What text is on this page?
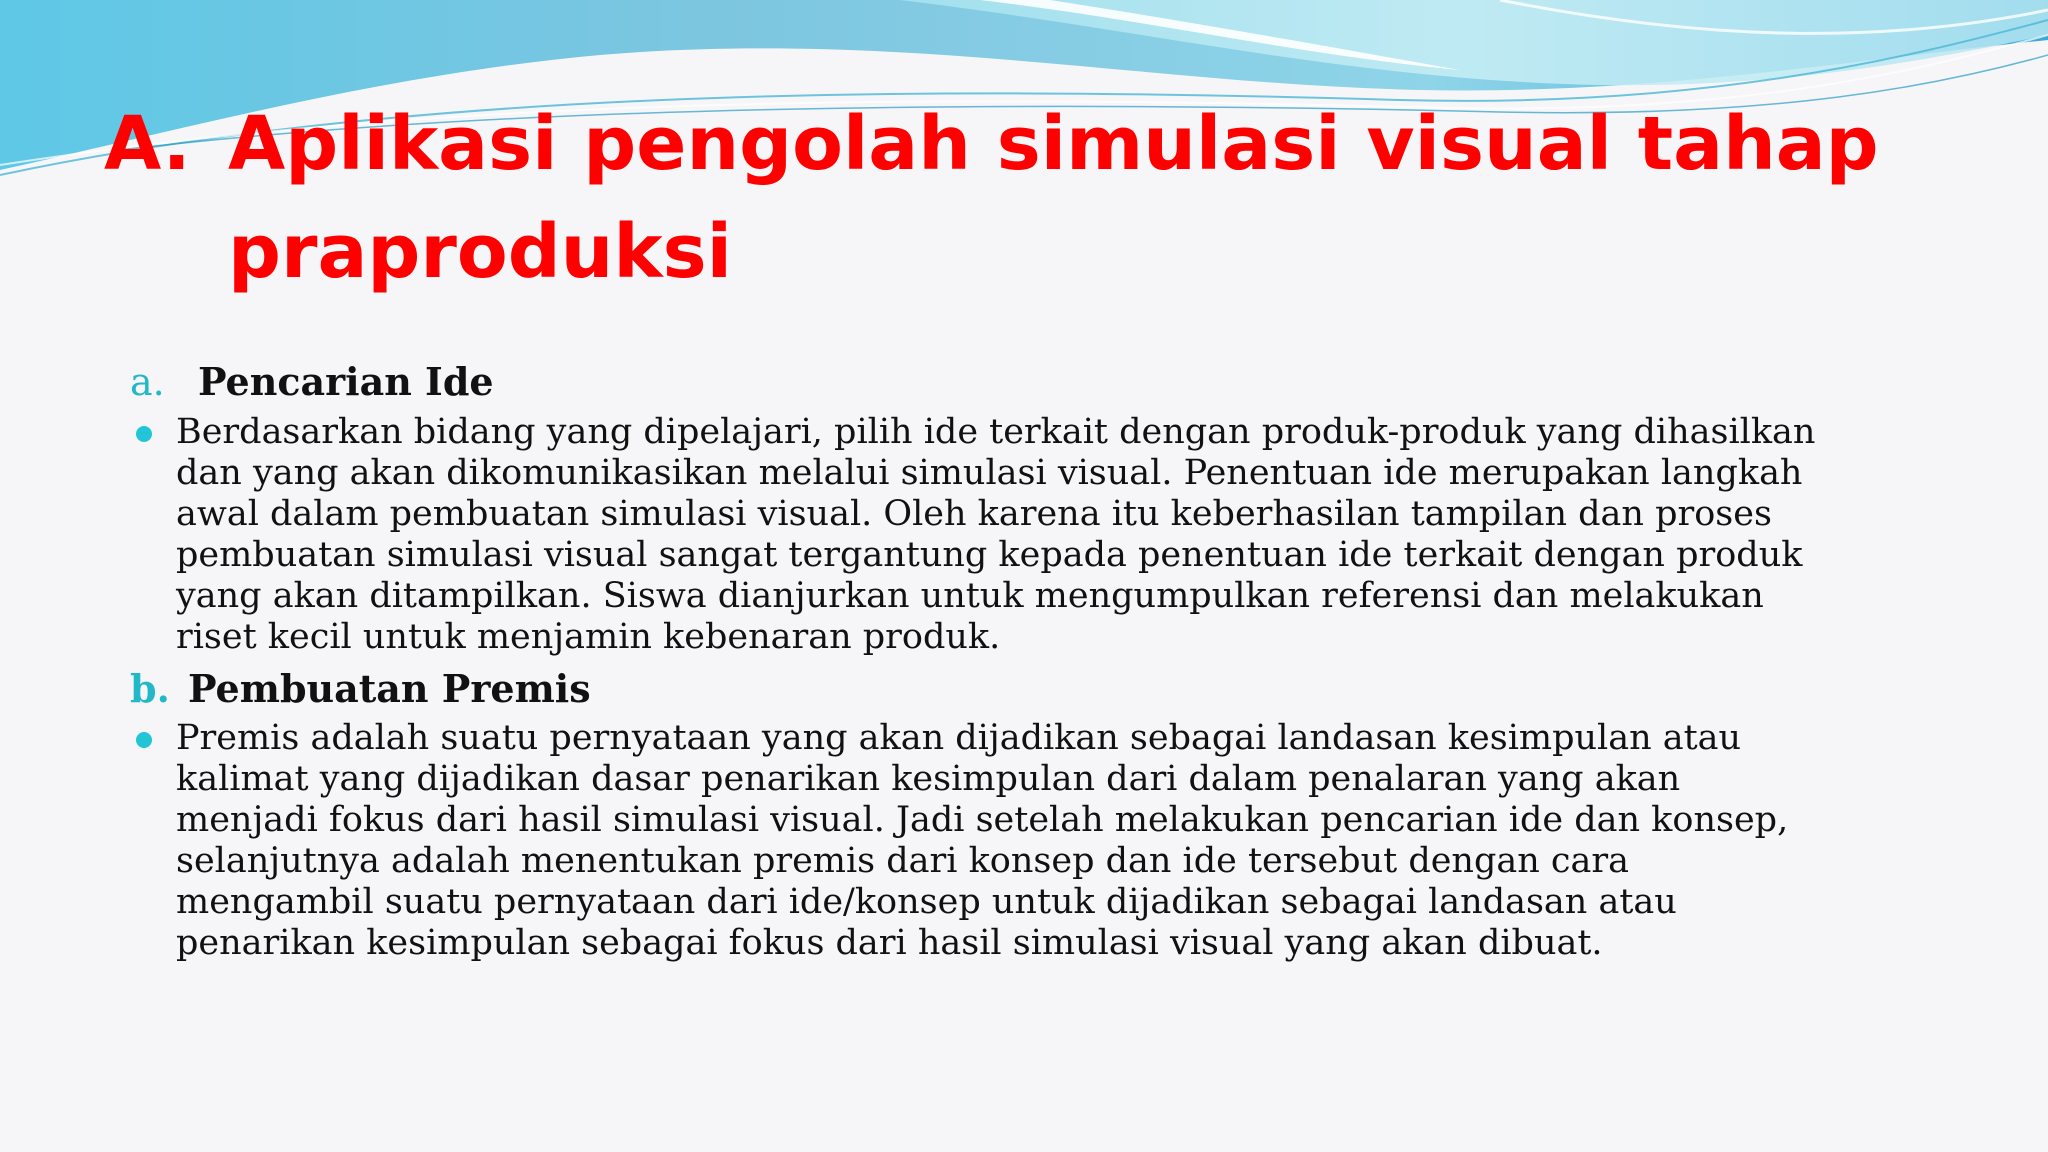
A. Aplikasi pengolah simulasi visual tahap
praproduksi
a. Pencarian Ide

Berdasarkan bidang yang dipelajari, pilih ide terkait dengan produk-produk yang dihasilkan dan yang akan dikomunikasikan melalui simulasi visual. Penentuan ide merupakan langkah awal dalam pembuatan simulasi visual. Oleh karena itu keberhasilan tampilan dan proses pembuatan simulasi visual sangat tergantung kepada penentuan ide terkait dengan produk yang akan ditampilkan. Siswa dianjurkan untuk mengumpulkan referensi dan melakukan riset kecil untuk menjamin kebenaran produk.

b. Pembuatan Premis

Premis adalah suatu pernyataan yang akan dijadikan sebagai landasan kesimpulan atau kalimat yang dijadikan dasar penarikan kesimpulan dari dalam penalaran yang akan menjadi fokus dari hasil simulasi visual. Jadi setelah melakukan pencarian ide dan konsep, selanjutnya adalah menentukan premis dari konsep dan ide tersebut dengan cara mengambil suatu pernyataan dari ide/konsep untuk dijadikan sebagai landasan atau penarikan kesimpulan sebagai fokus dari hasil simulasi visual yang akan dibuat.
